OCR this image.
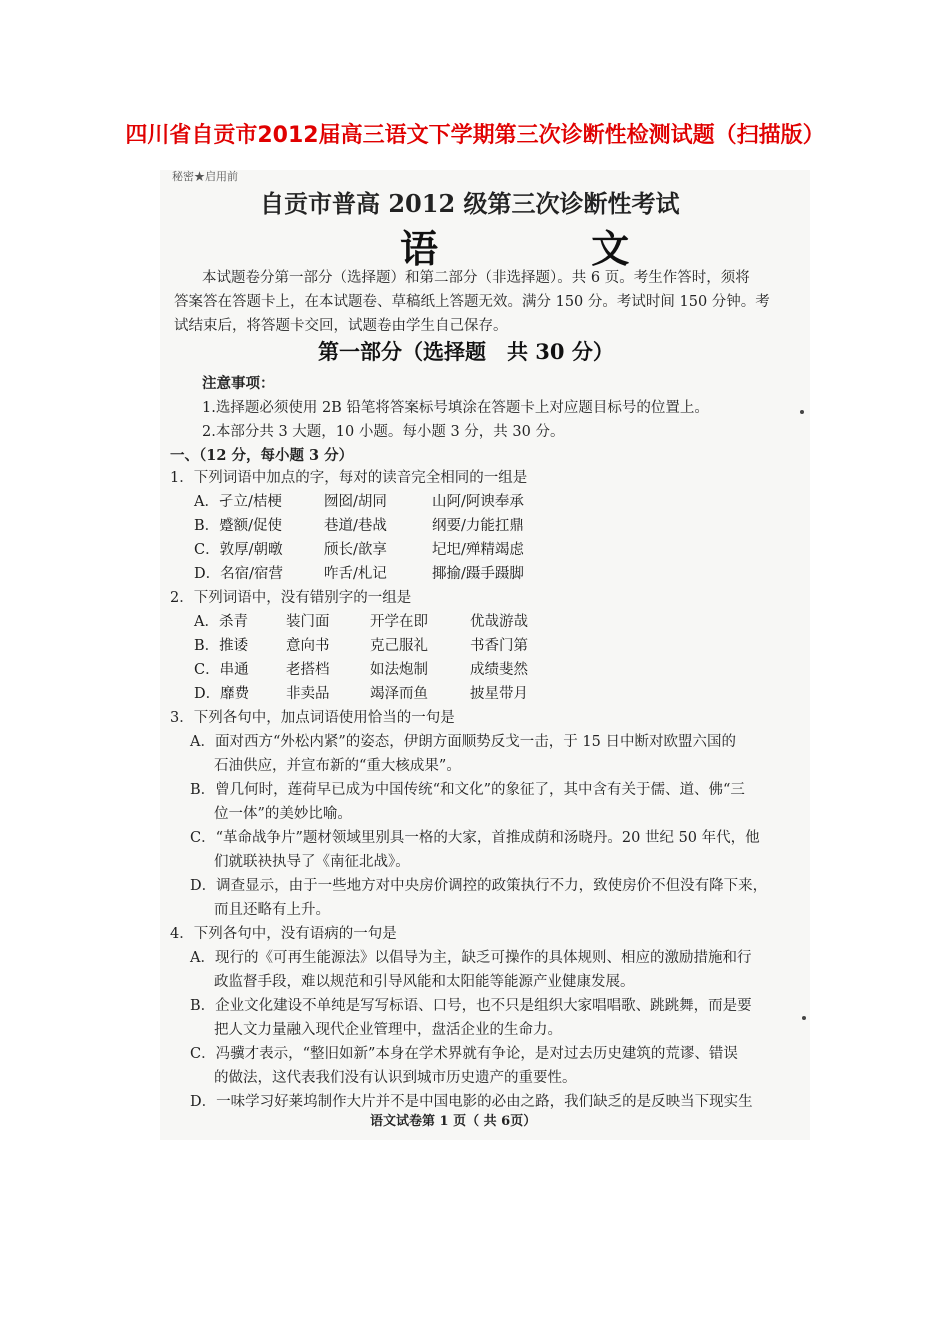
四川省自贡市2012届高三语文下学期第三次诊断性检测试题（扫描版）
秘密★启用前
自贡市普高 2012 级第三次诊断性考试
语 文
本试题卷分第一部分（选择题）和第二部分（非选择题）。共 6 页。考生作答时，须将
答案答在答题卡上，在本试题卷、草稿纸上答题无效。满分 150 分。考试时间 150 分钟。考
试结束后，将答题卡交回，试题卷由学生自己保存。
第一部分（选择题　共 30 分）
注意事项：
1.选择题必须使用 2B 铅笔将答案标号填涂在答题卡上对应题目标号的位置上。
2.本部分共 3 大题，10 小题。每小题 3 分，共 30 分。
一、（12 分，每小题 3 分）
1．下列词语中加点的字，每对的读音完全相同的一组是
A．孑立/桔梗	囫囵/胡同	山阿/阿谀奉承
B．蹙额/促使	巷道/巷战	纲要/力能扛鼎
C．敦厚/朝暾	颀长/歆享	圮圯/殚精竭虑
D．名宿/宿营	咋舌/札记	揶揄/蹑手蹑脚
2．下列词语中，没有错别字的一组是
A．杀青	装门面	开学在即	优哉游哉
B．推诿	意向书	克己服礼	书香门第
C．串通	老搭档	如法炮制	成绩斐然
D．靡费	非卖品	竭泽而鱼	披星带月
3．下列各句中，加点词语使用恰当的一句是
A．面对西方“外松内紧”的姿态，伊朗方面顺势反戈一击，于 15 日中断对欧盟六国的
石油供应，并宣布新的“重大核成果”。
B．曾几何时，莲荷早已成为中国传统“和文化”的象征了，其中含有关于儒、道、佛“三
位一体”的美妙比喻。
C．“革命战争片”题材领域里别具一格的大家，首推成荫和汤晓丹。20 世纪 50 年代，他
们就联袂执导了《南征北战》。
D．调查显示，由于一些地方对中央房价调控的政策执行不力，致使房价不但没有降下来，
而且还略有上升。
4．下列各句中，没有语病的一句是
A．现行的《可再生能源法》以倡导为主，缺乏可操作的具体规则、相应的激励措施和行
政监督手段，难以规范和引导风能和太阳能等能源产业健康发展。
B．企业文化建设不单纯是写写标语、口号，也不只是组织大家唱唱歌、跳跳舞，而是要
把人文力量融入现代企业管理中，盘活企业的生命力。
C．冯骥才表示，“整旧如新”本身在学术界就有争论，是对过去历史建筑的荒谬、错误
的做法，这代表我们没有认识到城市历史遗产的重要性。
D．一味学习好莱坞制作大片并不是中国电影的必由之路，我们缺乏的是反映当下现实生
语文试卷第 1 页（ 共 6页）
